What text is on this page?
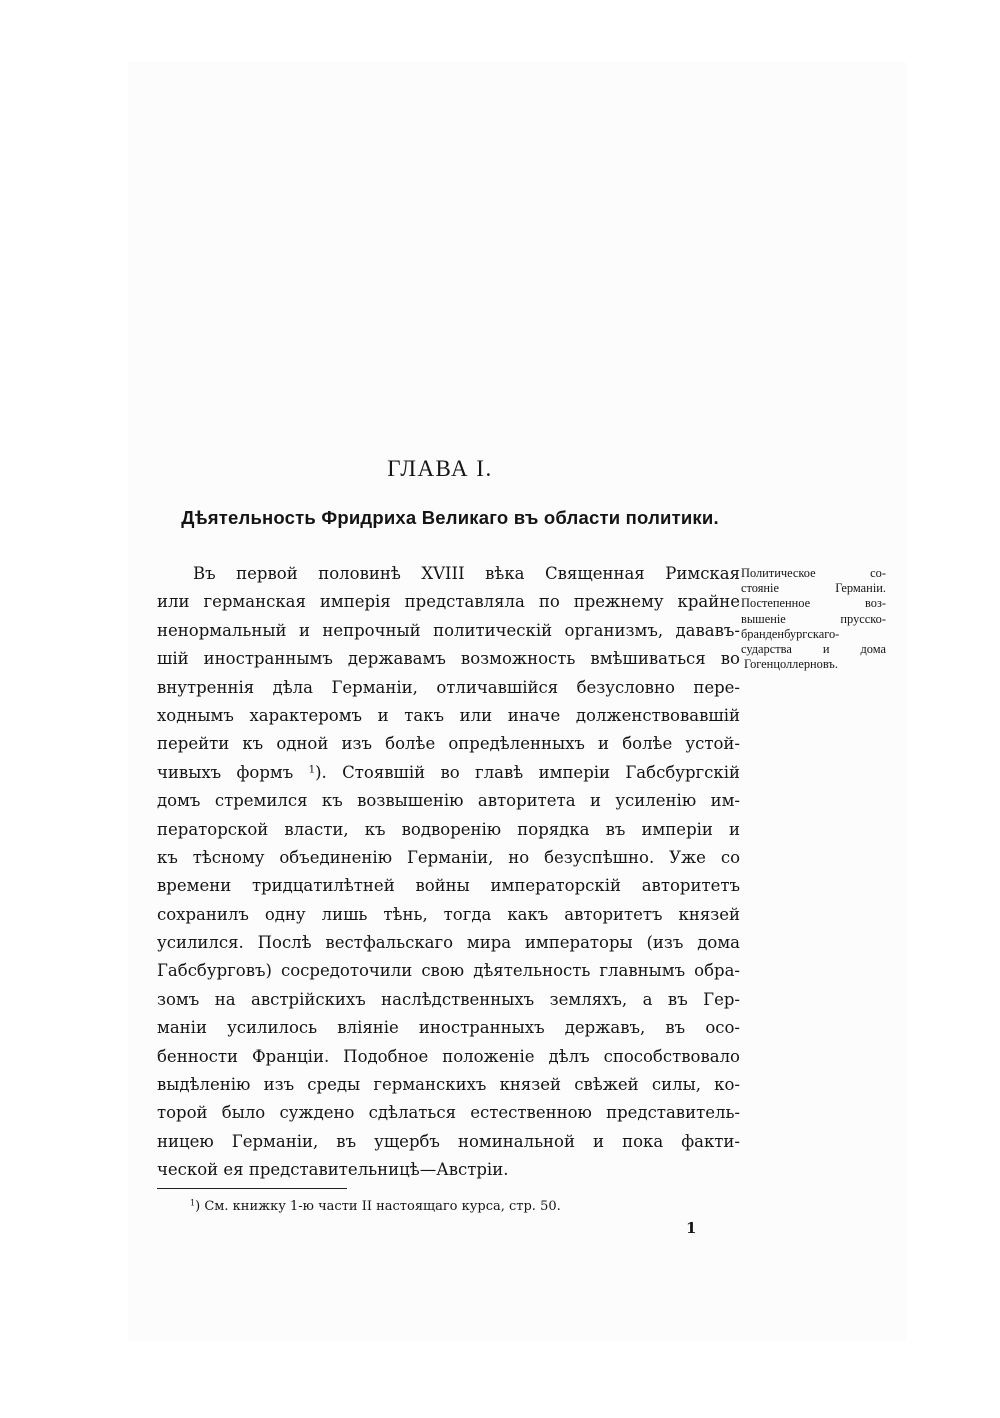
ГЛАВА I.
Дѣятельность Фридриха Великаго въ области политики.
Въ первой половинѣ XVIII вѣка Священная Римская
или германская имперія представляла по прежнему крайне
ненормальный и непрочный политическій организмъ, дававъ-
шій иностраннымъ державамъ возможность вмѣшиваться во
внутреннія дѣла Германіи, отличавшійся безусловно пере-
ходнымъ характеромъ и такъ или иначе долженствовавшій
перейти къ одной изъ болѣе опредѣленныхъ и болѣе устой-
чивыхъ формъ $^1$). Стоявшій во главѣ имперіи Габсбургскій
домъ стремился къ возвышенію авторитета и усиленію им-
ператорской власти, къ водворенію порядка въ имперіи и
къ тѣсному объединенію Германіи, но безуспѣшно. Уже со
времени тридцатилѣтней войны императорскій авторитетъ
сохранилъ одну лишь тѣнь, тогда какъ авторитетъ князей
усилился. Послѣ вестфальскаго мира императоры (изъ дома
Габсбурговъ) сосредоточили свою дѣятельность главнымъ обра-
зомъ на австрійскихъ наслѣдственныхъ земляхъ, а въ Гер-
маніи усилилось вліяніе иностранныхъ державъ, въ осо-
бенности Франціи. Подобное положеніе дѣлъ способствовало
выдѣленію изъ среды германскихъ князей свѣжей силы, ко-
торой было суждено сдѣлаться естественною представитель-
ницею Германіи, въ ущербъ номинальной и пока факти-
ческой ея представительницѣ—Австріи.
Политическое со-
стояніе Германіи.
Постепенное воз-
вышеніе прусско-
бранденбургскаго-
сударства и дома
Гогенцоллерновъ.

$^1$) См. книжку 1-ю части II настоящаго курса, стр. 50.

1
